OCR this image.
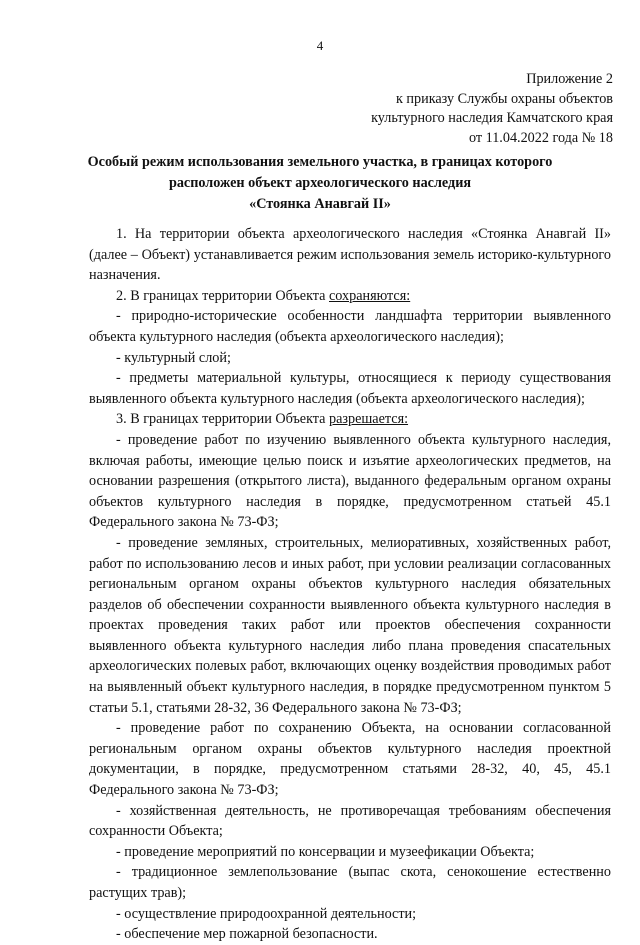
4
Приложение 2
к приказу Службы охраны объектов
культурного наследия Камчатского края
от 11.04.2022 года № 18
Особый режим использования земельного участка, в границах которого
расположен объект археологического наследия
«Стоянка Анавгай II»

1. На территории объекта археологического наследия «Стоянка Анавгай II» (далее – Объект) устанавливается режим использования земель историко-культурного назначения.

2. В границах территории Объекта сохраняются:

- природно-исторические особенности ландшафта территории выявленного объекта культурного наследия (объекта археологического наследия);

- культурный слой;

- предметы материальной культуры, относящиеся к периоду существования выявленного объекта культурного наследия (объекта археологического наследия);

3. В границах территории Объекта разрешается:

- проведение работ по изучению выявленного объекта культурного наследия, включая работы, имеющие целью поиск и изъятие археологических предметов, на основании разрешения (открытого листа), выданного федеральным органом охраны объектов культурного наследия в порядке, предусмотренном статьей 45.1 Федерального закона № 73-ФЗ;

- проведение земляных, строительных, мелиоративных, хозяйственных работ, работ по использованию лесов и иных работ, при условии реализации согласованных региональным органом охраны объектов культурного наследия обязательных разделов об обеспечении сохранности выявленного объекта культурного наследия в проектах проведения таких работ или проектов обеспечения сохранности выявленного объекта культурного наследия либо плана проведения спасательных археологических полевых работ, включающих оценку воздействия проводимых работ на выявленный объект культурного наследия, в порядке предусмотренном пунктом 5 статьи 5.1, статьями 28-32, 36 Федерального закона № 73-ФЗ;

- проведение работ по сохранению Объекта, на основании согласованной региональным органом охраны объектов культурного наследия проектной документации, в порядке, предусмотренном статьями 28-32, 40, 45, 45.1 Федерального закона № 73-ФЗ;

- хозяйственная деятельность, не противоречащая требованиям обеспечения сохранности Объекта;

- проведение мероприятий по консервации и музеефикации Объекта;

- традиционное землепользование (выпас скота, сенокошение естественно растущих трав);

- осуществление природоохранной деятельности;

- обеспечение мер пожарной безопасности.
